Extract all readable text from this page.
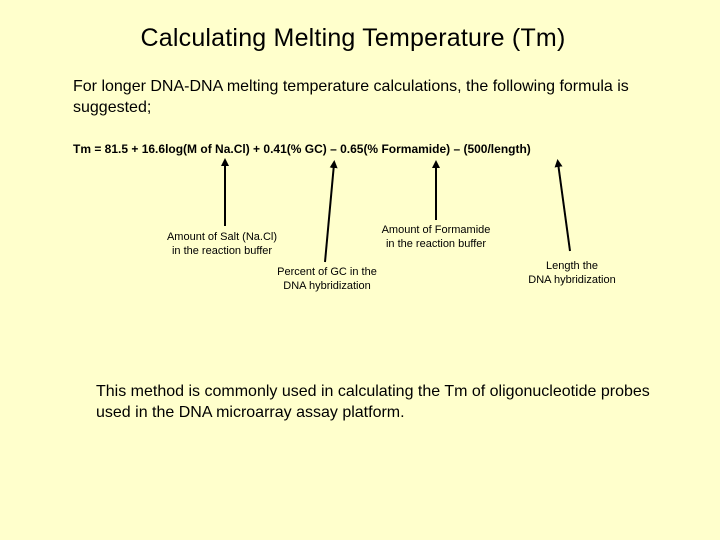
Calculating Melting Temperature (Tm)
For longer DNA-DNA melting temperature calculations, the following formula is suggested;
Tm = 81.5 + 16.6log(M of Na.Cl) + 0.41(% GC) – 0.65(% Formamide) – (500/length)
Amount of Salt (Na.Cl)
in the reaction buffer
Percent of GC in the
DNA hybridization
Amount of Formamide
in the reaction buffer
Length the
DNA hybridization
This method is commonly used in calculating the Tm of oligonucleotide probes used in the DNA microarray assay platform.
